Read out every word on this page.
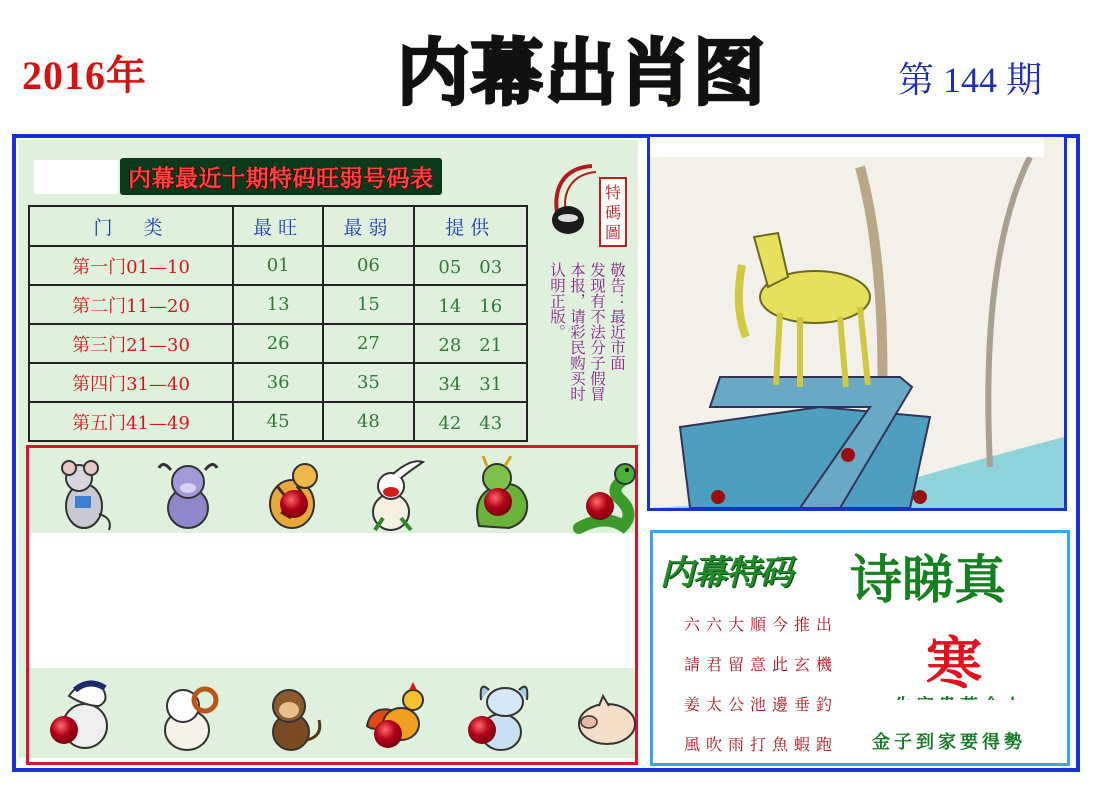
2016年	内幕出肖图	第 144 期
内幕最近十期特码旺弱号码表
门　类	最旺	最弱	提供
第一门01—10	01	06	05　03
第二门11—20	13	15	14　16
第三门21—30	26	27	28　21
第四门31—40	36	35	34　31
第五门41—49	45	48	42　43
特
碼
圖
敬告：最近市面
发现有不法分子假冒
本报，请彩民购买时
认明正版。
内幕特码 诗睇真
六六大順今推出
請君留意此玄機
姜太公池邊垂釣
風吹雨打魚蝦跑
寒
金子到家要得勢
